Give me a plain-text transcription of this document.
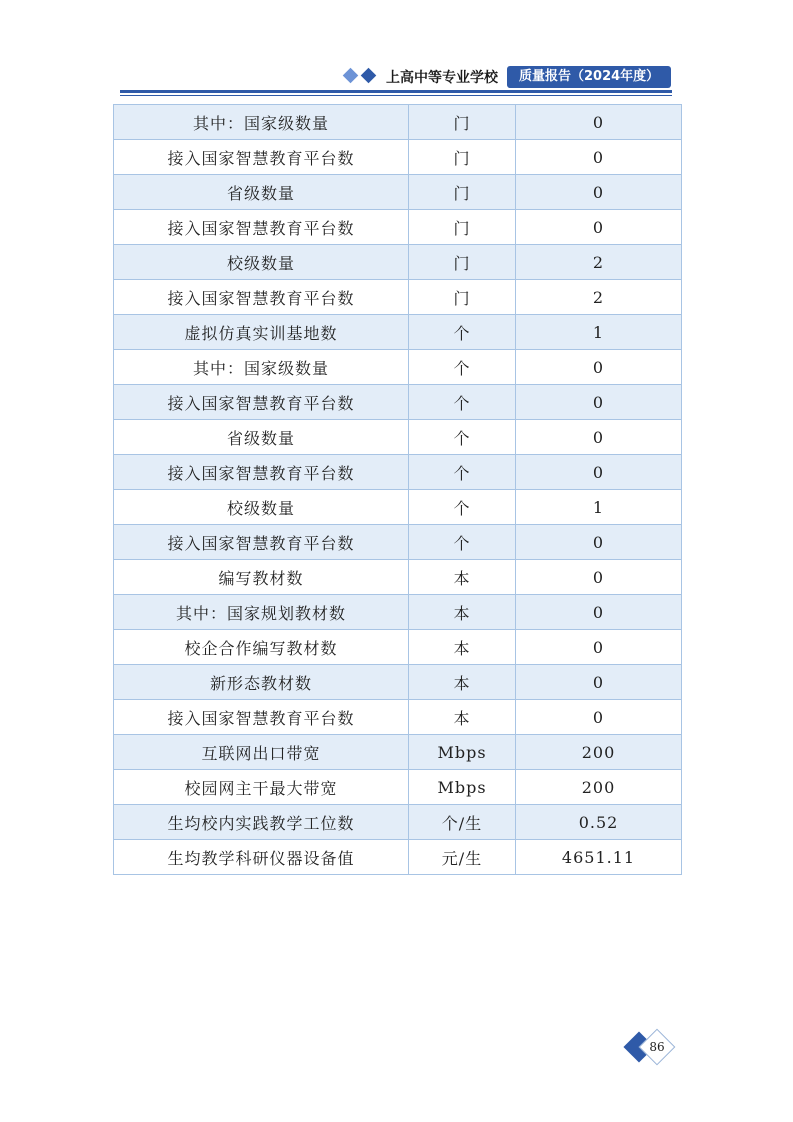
上高中等专业学校	质量报告（2024年度）
其中：国家级数量	门	0
接入国家智慧教育平台数	门	0
省级数量	门	0
接入国家智慧教育平台数	门	0
校级数量	门	2
接入国家智慧教育平台数	门	2
虚拟仿真实训基地数	个	1
其中：国家级数量	个	0
接入国家智慧教育平台数	个	0
省级数量	个	0
接入国家智慧教育平台数	个	0
校级数量	个	1
接入国家智慧教育平台数	个	0
编写教材数	本	0
其中：国家规划教材数	本	0
校企合作编写教材数	本	0
新形态教材数	本	0
接入国家智慧教育平台数	本	0
互联网出口带宽	Mbps	200
校园网主干最大带宽	Mbps	200
生均校内实践教学工位数	个/生	0.52
生均教学科研仪器设备值	元/生	4651.11
86
